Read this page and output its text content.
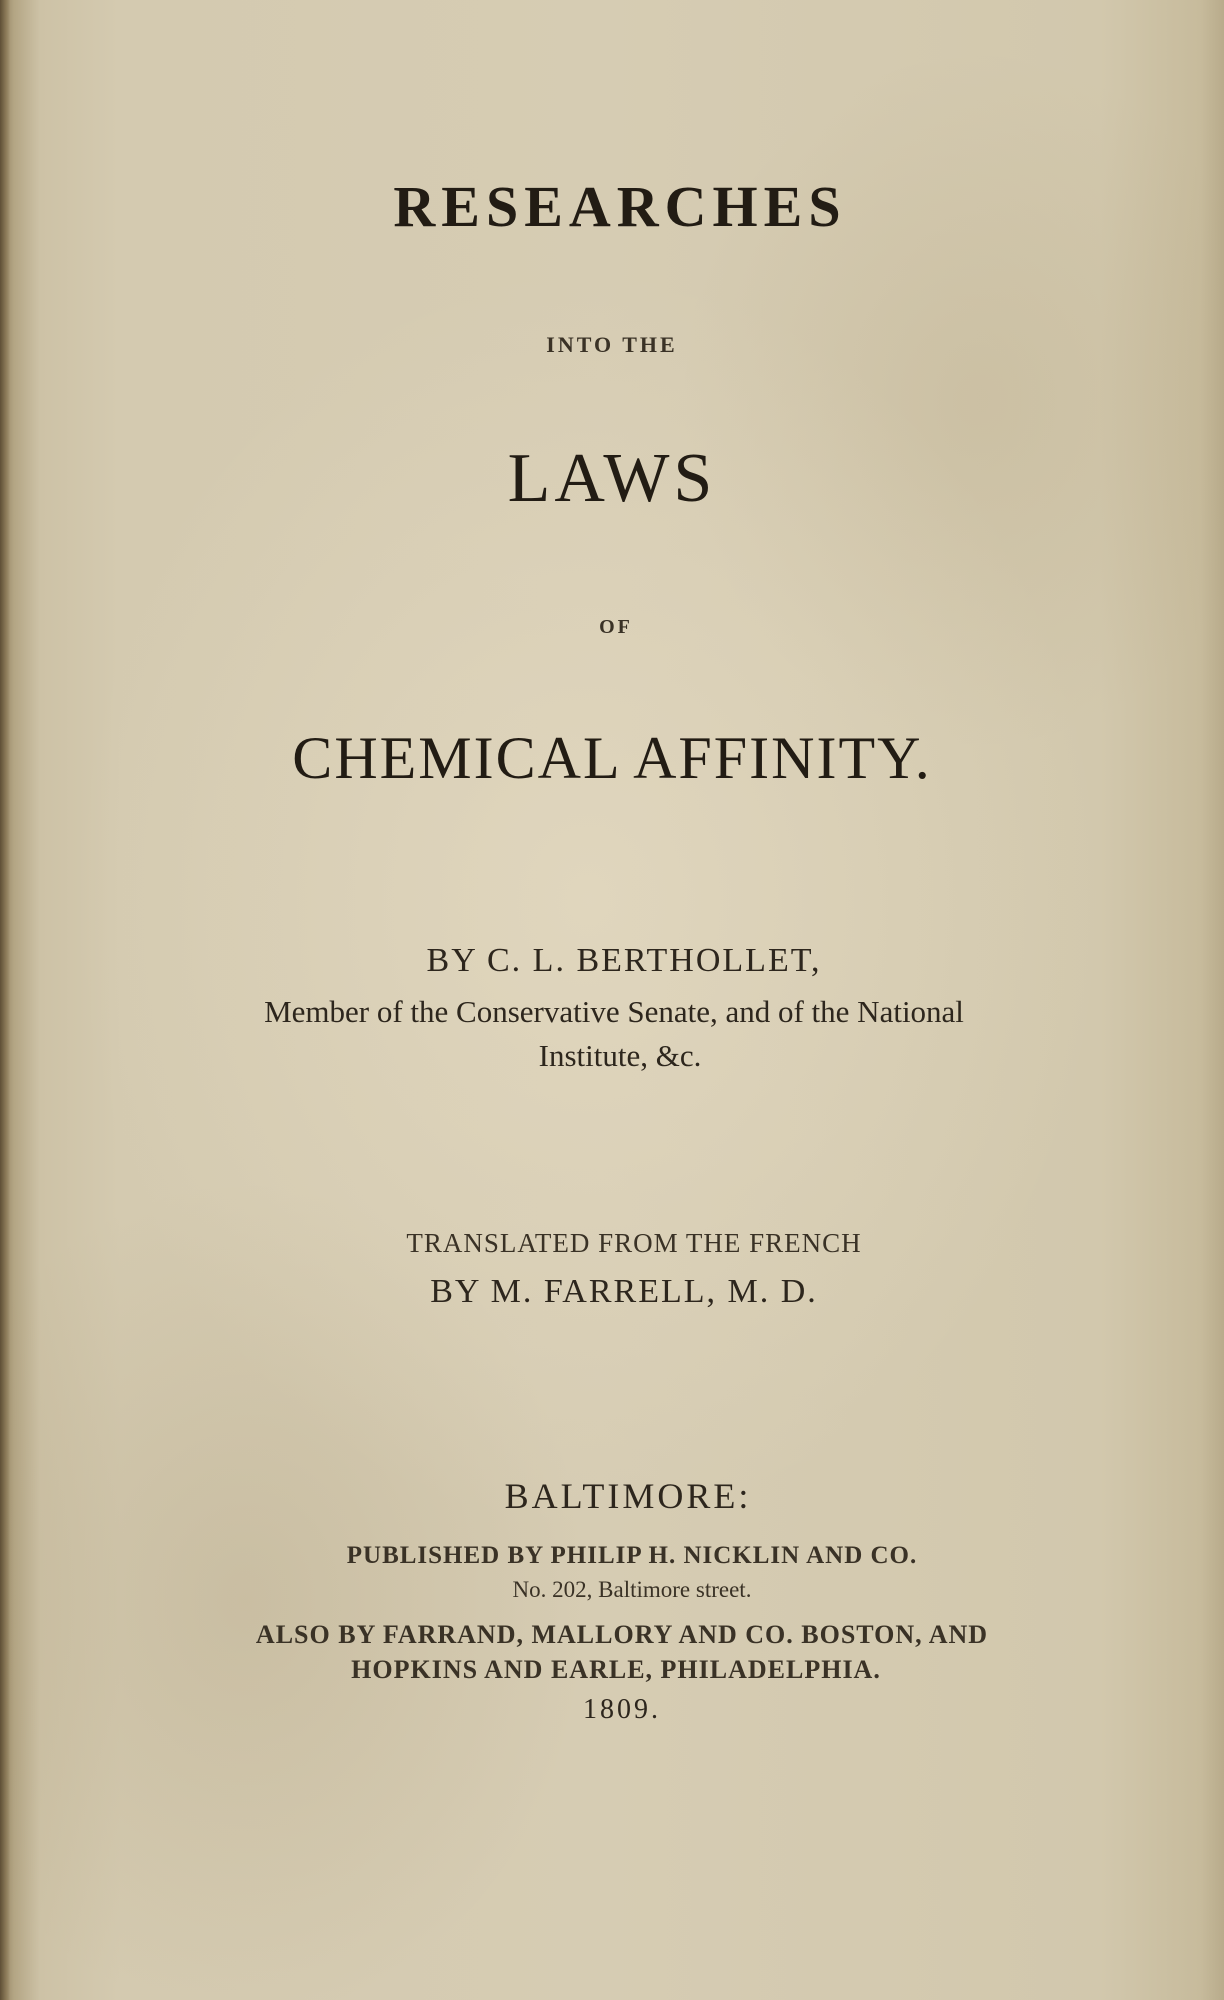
RESEARCHES
INTO THE
LAWS
OF
CHEMICAL AFFINITY.
BY C. L. BERTHOLLET,
Member of the Conservative Senate, and of the National
Institute, &c.
TRANSLATED FROM THE FRENCH
BY M. FARRELL, M. D.
BALTIMORE:
PUBLISHED BY PHILIP H. NICKLIN AND CO.
No. 202, Baltimore street.
ALSO BY FARRAND, MALLORY AND CO. BOSTON, AND
HOPKINS AND EARLE, PHILADELPHIA.
1809.
